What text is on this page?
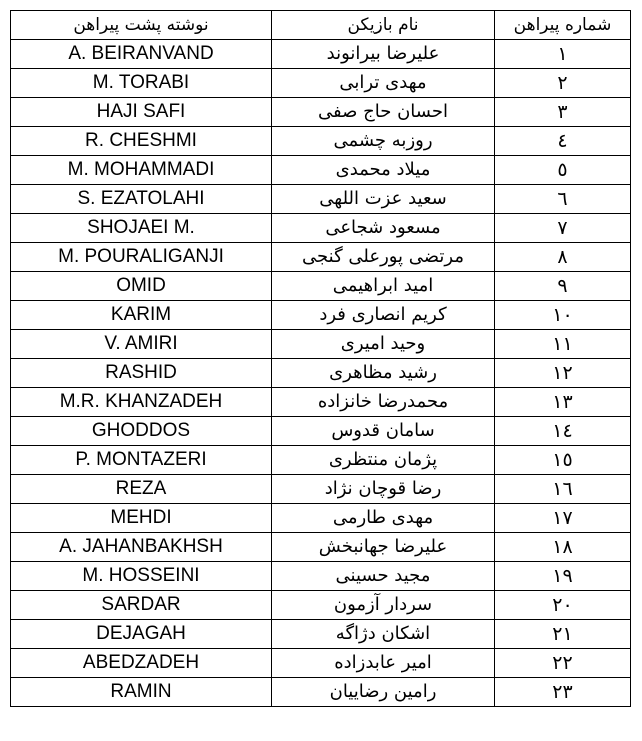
نوشته پشت پیراهن	نام بازیکن	شماره پیراهن
A. BEIRANVAND	علیرضا بیرانوند	۱
M. TORABI	مهدی ترابی	۲
HAJI SAFI	احسان حاج صفی	۳
R. CHESHMI	روزبه چشمی	٤
M. MOHAMMADI	میلاد محمدی	٥
S. EZATOLAHI	سعید عزت اللهی	٦
SHOJAEI M.	مسعود شجاعی	۷
M. POURALIGANJI	مرتضی پورعلی گنجی	۸
OMID	امید ابراهیمی	۹
KARIM	کریم انصاری فرد	۱۰
V. AMIRI	وحید امیری	۱۱
RASHID	رشید مظاهری	۱۲
M.R. KHANZADEH	محمدرضا خانزاده	۱۳
GHODDOS	سامان قدوس	١٤
P. MONTAZERI	پژمان منتظری	١٥
REZA	رضا قوچان نژاد	١٦
MEHDI	مهدی طارمی	۱۷
A. JAHANBAKHSH	علیرضا جهانبخش	۱۸
M. HOSSEINI	مجید حسینی	۱۹
SARDAR	سردار آزمون	۲۰
DEJAGAH	اشکان دژاگه	۲۱
ABEDZADEH	امیر عابدزاده	۲۲
RAMIN	رامین رضاییان	۲۳
